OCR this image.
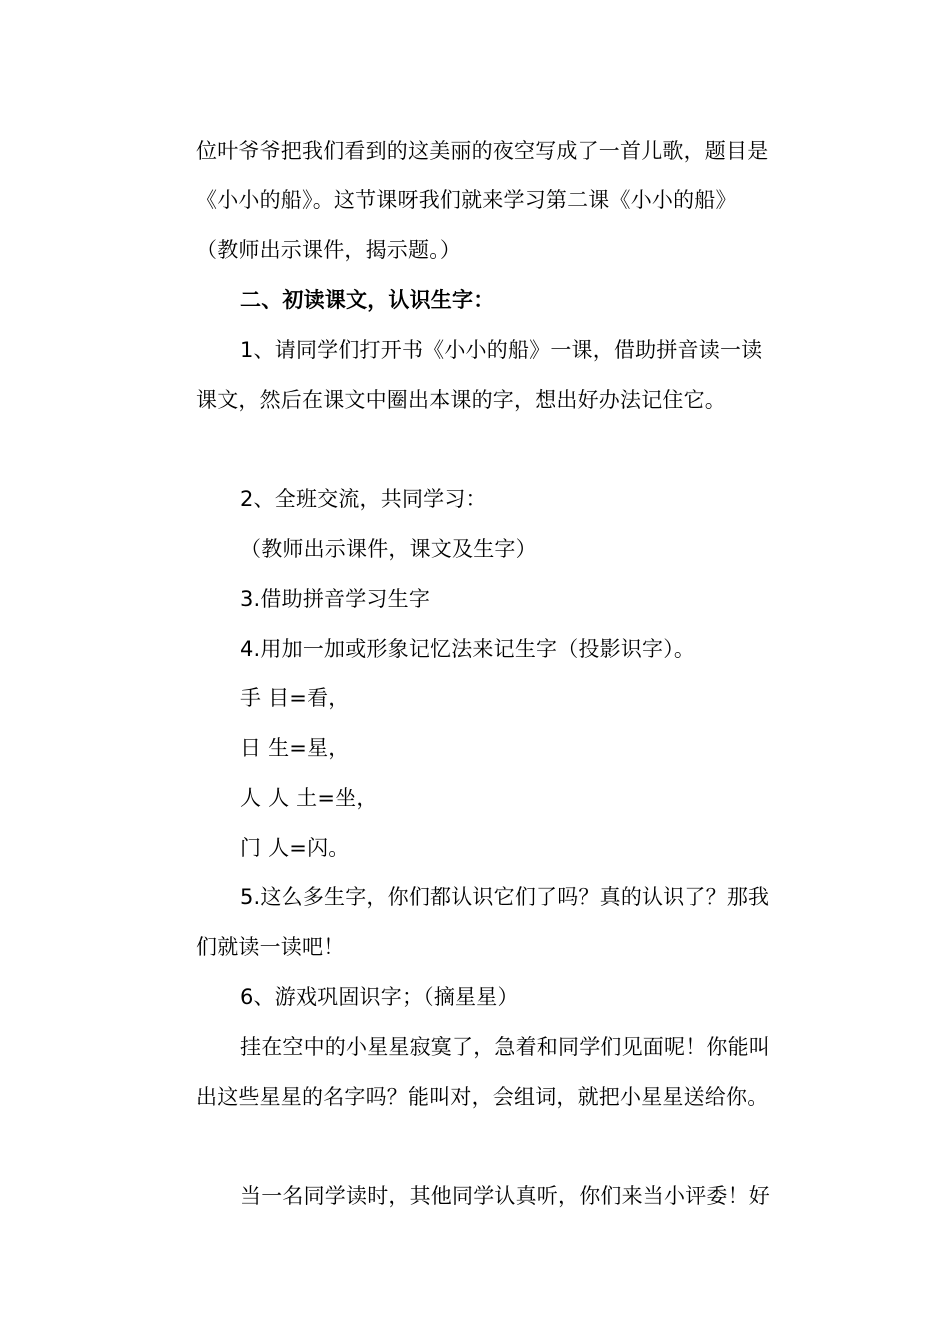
位叶爷爷把我们看到的这美丽的夜空写成了一首儿歌，题目是
《小小的船》。这节课呀我们就来学习第二课《小小的船》
（教师出示课件，揭示题。）
二、初读课文，认识生字：
1、请同学们打开书《小小的船》一课，借助拼音读一读
课文，然后在课文中圈出本课的字，想出好办法记住它。
2、全班交流，共同学习：
（教师出示课件，课文及生字）
3.借助拼音学习生字
4.用加一加或形象记忆法来记生字（投影识字）。
手 目=看，
日 生=星，
人 人 土=坐，
门 人=闪。
5.这么多生字，你们都认识它们了吗？真的认识了？那我
们就读一读吧！
6、游戏巩固识字；（摘星星）
挂在空中的小星星寂寞了，急着和同学们见面呢！你能叫
出这些星星的名字吗？能叫对，会组词，就把小星星送给你。
当一名同学读时，其他同学认真听，你们来当小评委！好
